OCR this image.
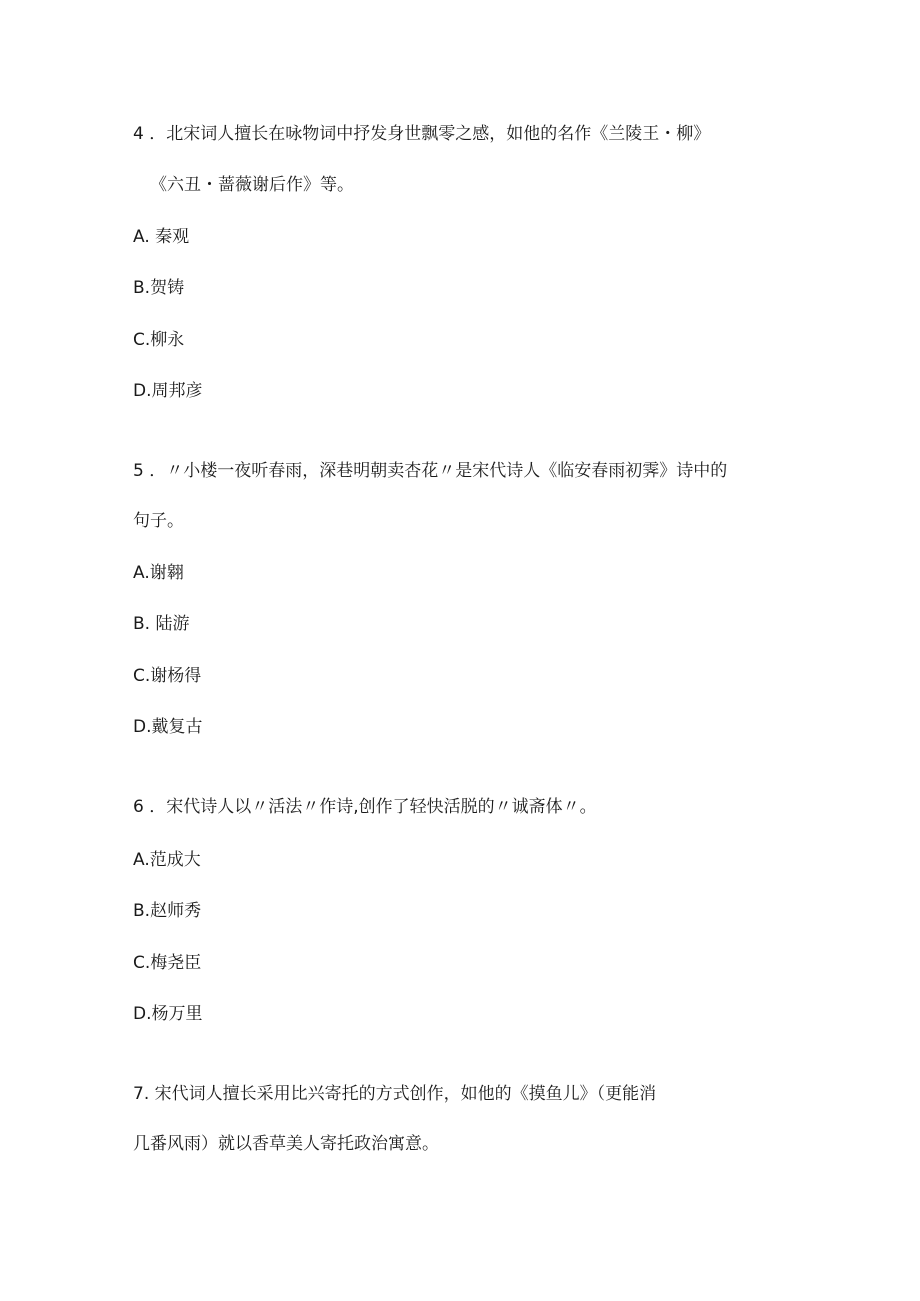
4 ．北宋词人擅长在咏物词中抒发身世飘零之感，如他的名作《兰陵王・柳》
《六丑・蔷薇谢后作》等。
A. 秦观
B.贺铸
C.柳永
D.周邦彦
5 ．〃小楼一夜听春雨，深巷明朝卖杏花〃是宋代诗人《临安春雨初霁》诗中的
句子。
A.谢翱
B. 陆游
C.谢杨得
D.戴复古
6 ．宋代诗人以〃活法〃作诗,创作了轻快活脱的〃诚斋体〃。
A.范成大
B.赵师秀
C.梅尧臣
D.杨万里
7. 宋代词人擅长采用比兴寄托的方式创作，如他的《摸鱼儿》（更能消
几番风雨）就以香草美人寄托政治寓意。
